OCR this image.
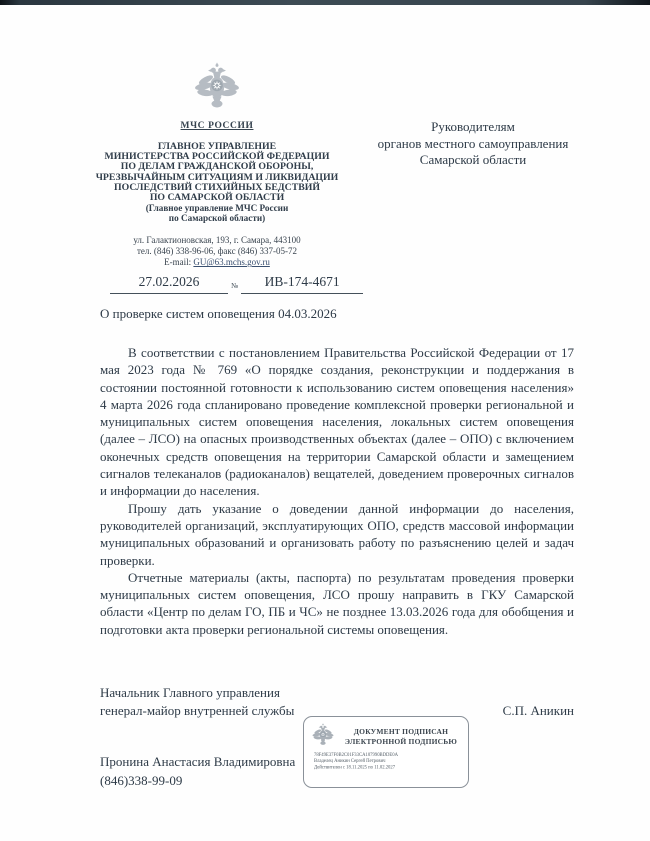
МЧС РОССИИ
ГЛАВНОЕ УПРАВЛЕНИЕ
МИНИСТЕРСТВА РОССИЙСКОЙ ФЕДЕРАЦИИ
ПО ДЕЛАМ ГРАЖДАНСКОЙ ОБОРОНЫ,
ЧРЕЗВЫЧАЙНЫМ СИТУАЦИЯМ И ЛИКВИДАЦИИ
ПОСЛЕДСТВИЙ СТИХИЙНЫХ БЕДСТВИЙ
ПО САМАРСКОЙ ОБЛАСТИ
(Главное управление МЧС России
по Самарской области)
ул. Галактионовская, 193, г. Самара, 443100
тел. (846) 338-96-06, факс (846) 337-05-72
E-mail: GU@63.mchs.gov.ru
27.02.2026	№	ИВ-174-4671
Руководителям
органов местного самоуправления
Самарской области
О проверке систем оповещения 04.03.2026

В соответствии с постановлением Правительства Российской Федерации от 17 мая 2023 года № 769 «О порядке создания, реконструкции и поддержания в состоянии постоянной готовности к использованию систем оповещения населения» 4 марта 2026 года спланировано проведение комплексной проверки региональной и муниципальных систем оповещения населения, локальных систем оповещения (далее – ЛСО) на опасных производственных объектах (далее – ОПО) с включением оконечных средств оповещения на территории Самарской области и замещением сигналов телеканалов (радиоканалов) вещателей, доведением проверочных сигналов и информации до населения.

Прошу дать указание о доведении данной информации до населения, руководителей организаций, эксплуатирующих ОПО, средств массовой информации муниципальных образований и организовать работу по разъяснению целей и задач проверки.

Отчетные материалы (акты, паспорта) по результатам проведения проверки муниципальных систем оповещения, ЛСО прошу направить в ГКУ Самарской области «Центр по делам ГО, ПБ и ЧС» не позднее 13.03.2026 года для обобщения и подготовки акта проверки региональной системы оповещения.

Начальник Главного управления
генерал-майор внутренней службы	С.П. Аникин
ДОКУМЕНТ ПОДПИСАН
ЭЛЕКТРОННОЙ ПОДПИСЬЮ
78F49E37F0B2C01F33CA107990BDDE0A
Владелец Аникин Сергей Петрович
Действителен с 18.11.2025 по 11.02.2027
Пронина Анастасия Владимировна
(846)338-99-09
